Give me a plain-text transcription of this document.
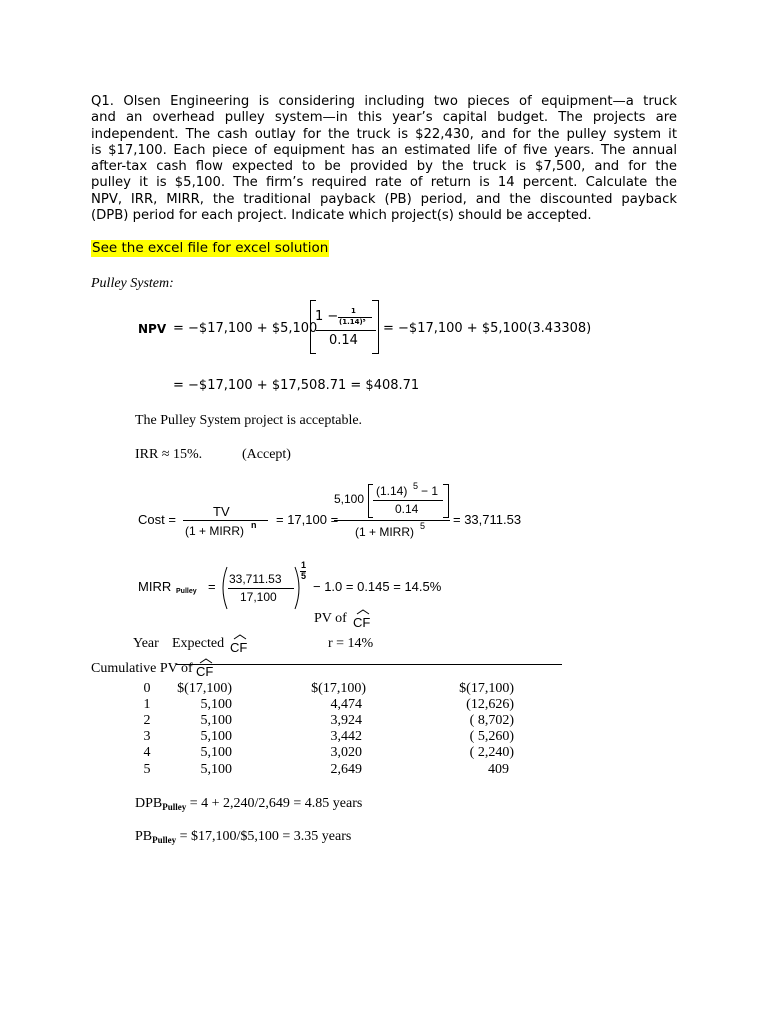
Q1. Olsen Engineering is considering including two pieces of equipment—a truck
and an overhead pulley system—in this year’s capital budget. The projects are
independent. The cash outlay for the truck is $22,430, and for the pulley system it
is $17,100. Each piece of equipment has an estimated life of five years. The annual
after-tax cash flow expected to be provided by the truck is $7,500, and for the
pulley it is $5,100. The firm’s required rate of return is 14 percent. Calculate the
NPV, IRR, MIRR, the traditional payback (PB) period, and the discounted payback
(DPB) period for each project. Indicate which project(s) should be accepted.
See the excel file for excel solution
Pulley System:
NPV = −$17,100 + $5,100
1 − 1
(1.14)⁵
0.14
= −$17,100 + $5,100(3.43308)
= −$17,100 + $17,508.71 = $408.71
The Pulley System project is acceptable.
IRR ≈ 15%.	(Accept)
Cost =
TV
(1 + MIRR) n = 17,100 =
5,100
(1.14) 5 − 1
0.14
(1 + MIRR) 5 = 33,711.53
MIRR Pulley = 33,711.53
17,100
1
5
− 1.0 = 0.145 = 14.5%
PV of CF
Year Expected CF	r = 14%
Cumulative PV of CF
0	$(17,100)	$(17,100)	$(17,100)
1	5,100	4,474	(12,626)
2	5,100	3,924	( 8,702)
3	5,100	3,442	( 5,260)
4	5,100	3,020	( 2,240)
5	5,100	2,649	409
$DPB_{Pulley} = 4 + 2,240/2,649 = 4.85$ years
$PB_{Pulley}$ = $17,100/$5,100 = 3.35 years
